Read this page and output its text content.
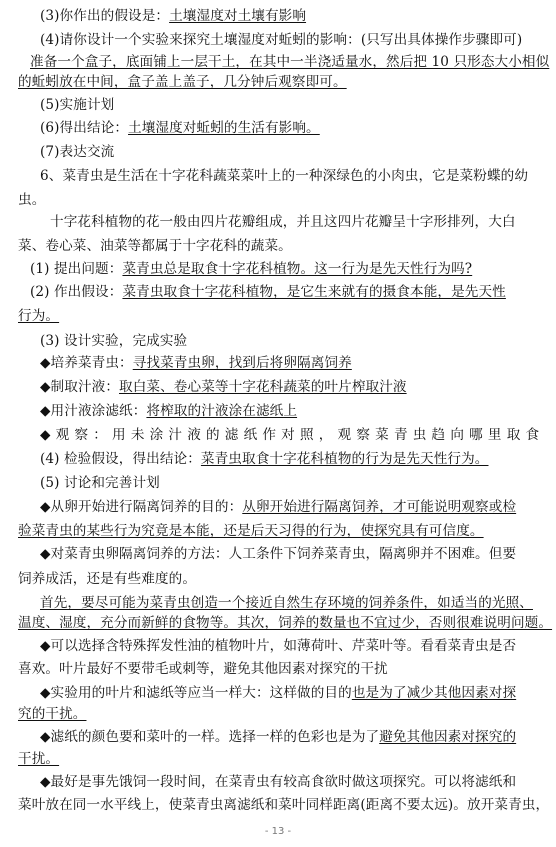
(3)你作出的假设是：土壤湿度对土壤有影响
(4)请你设计一个实验来探究土壤湿度对蚯蚓的影响：(只写出具体操作步骤即可)
准备一个盒子，底面铺上一层干土，在其中一半浇适量水，然后把 10 只形态大小相似
的蚯蚓放在中间，盒子盖上盖子，几分钟后观察即可。
(5)实施计划
(6)得出结论：土壤湿度对蚯蚓的生活有影响。
(7)表达交流
6、菜青虫是生活在十字花科蔬菜菜叶上的一种深绿色的小肉虫，它是菜粉蝶的幼
虫。
十字花科植物的花一般由四片花瓣组成，并且这四片花瓣呈十字形排列，大白
菜、卷心菜、油菜等都属于十字花科的蔬菜。
(1) 提出问题：菜青虫总是取食十字花科植物。这一行为是先天性行为吗?
(2) 作出假设：菜青虫取食十字花科植物，是它生来就有的摄食本能，是先天性
行为。
(3) 设计实验，完成实验
◆培养菜青虫：寻找菜青虫卵，找到后将卵隔离饲养
◆制取汁液：取白菜、卷心菜等十字花科蔬菜的叶片榨取汁液
◆用汁液涂滤纸：将榨取的汁液涂在滤纸上
◆观察：用未涂汁液的滤纸作对照，观察菜青虫趋向哪里取食
(4) 检验假设，得出结论：菜青虫取食十字花科植物的行为是先天性行为。
(5) 讨论和完善计划
◆从卵开始进行隔离饲养的目的：从卵开始进行隔离饲养，才可能说明观察或检
验菜青虫的某些行为究竟是本能，还是后天习得的行为，使探究具有可信度。
◆对菜青虫卵隔离饲养的方法：人工条件下饲养菜青虫，隔离卵并不困难。但要
饲养成活，还是有些难度的。
首先，要尽可能为菜青虫创造一个接近自然生存环境的饲养条件，如适当的光照、
温度、湿度，充分而新鲜的食物等。其次，饲养的数量也不宜过少，否则很难说明问题。
◆可以选择含特殊挥发性油的植物叶片，如薄荷叶、芹菜叶等。看看菜青虫是否
喜欢。叶片最好不要带毛或刺等，避免其他因素对探究的干扰
◆实验用的叶片和滤纸等应当一样大：这样做的目的也是为了减少其他因素对探
究的干扰。
◆滤纸的颜色要和菜叶的一样。选择一样的色彩也是为了避免其他因素对探究的
干扰。
◆最好是事先饿饲一段时间，在菜青虫有较高食欲时做这项探究。可以将滤纸和
菜叶放在同一水平线上，使菜青虫离滤纸和菜叶同样距离(距离不要太远)。放开菜青虫，
- 13 -
